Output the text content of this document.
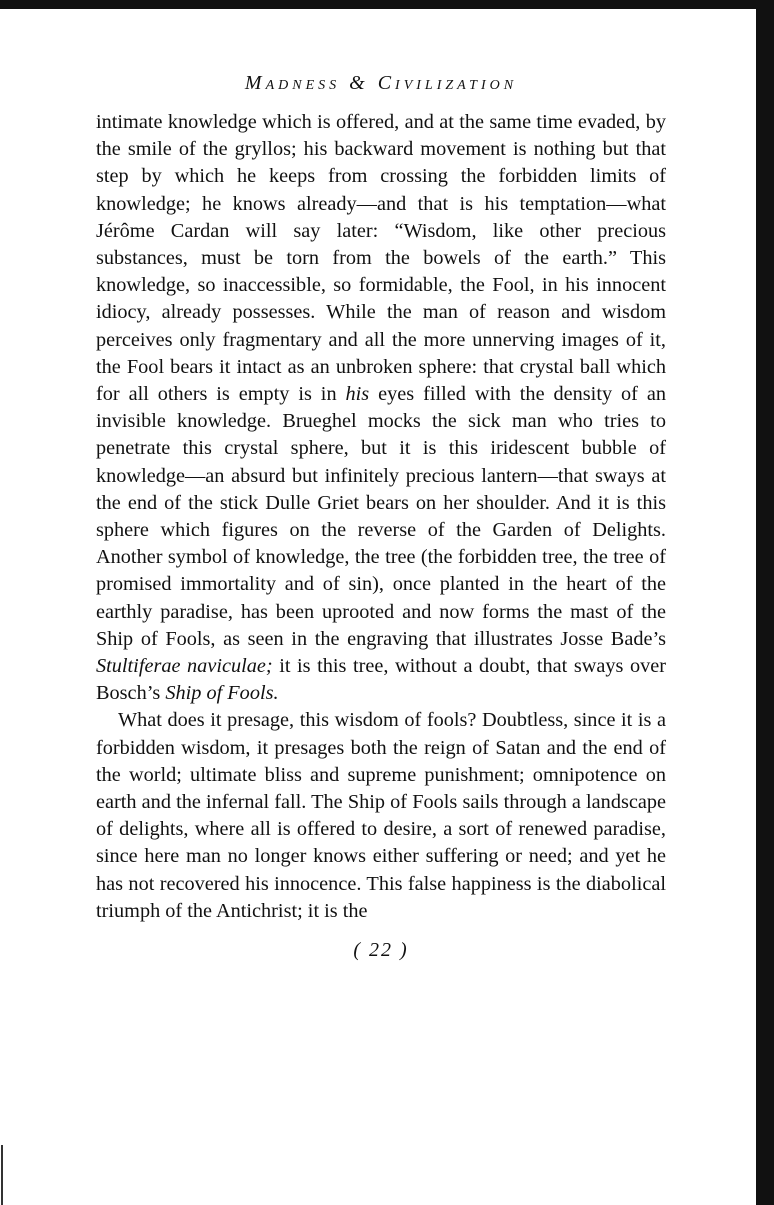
Madness & Civilization

intimate knowledge which is offered, and at the same time evaded, by the smile of the gryllos; his backward movement is nothing but that step by which he keeps from crossing the forbidden limits of knowledge; he knows already—and that is his temptation—what Jérôme Cardan will say later: “Wisdom, like other precious substances, must be torn from the bowels of the earth.” This knowledge, so inaccessible, so formidable, the Fool, in his innocent idiocy, already possesses. While the man of reason and wisdom perceives only fragmentary and all the more unnerving images of it, the Fool bears it intact as an unbroken sphere: that crystal ball which for all others is empty is in his eyes filled with the density of an invisible knowledge. Brueghel mocks the sick man who tries to penetrate this crystal sphere, but it is this iridescent bubble of knowledge—an absurd but infinitely precious lantern—that sways at the end of the stick Dulle Griet bears on her shoulder. And it is this sphere which figures on the reverse of the Garden of Delights. Another symbol of knowledge, the tree (the forbidden tree, the tree of promised immortality and of sin), once planted in the heart of the earthly paradise, has been uprooted and now forms the mast of the Ship of Fools, as seen in the engraving that illustrates Josse Bade’s Stultiferae naviculae; it is this tree, without a doubt, that sways over Bosch’s Ship of Fools.

What does it presage, this wisdom of fools? Doubtless, since it is a forbidden wisdom, it presages both the reign of Satan and the end of the world; ultimate bliss and supreme punishment; omnipotence on earth and the infernal fall. The Ship of Fools sails through a landscape of delights, where all is offered to desire, a sort of renewed paradise, since here man no longer knows either suffering or need; and yet he has not recovered his innocence. This false happiness is the diabolical triumph of the Antichrist; it is the

( 22 )
